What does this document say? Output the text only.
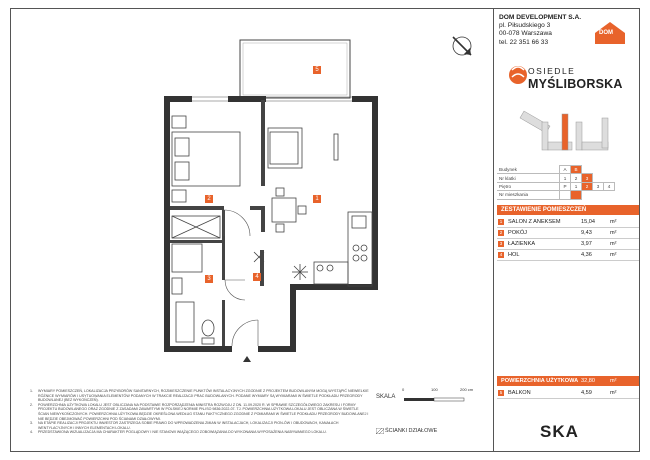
5
1
2
3	4
DOM DEVELOPMENT S.A.
pl. Piłsudskiego 3
00-078 Warszawa
tel. 22 351 66 33
DOM
OSIEDLE
MYŚLIBORSKA
Budynek	A	B			
Nr klatki	1	2	3		
Piętro	P	1	2	3	4
Nr mieszkania					
ZESTAWIENIE POMIESZCZEŃ
1	SALON Z ANEKSEM	15,04	m²
2	POKÓJ	9,43	m²
3	ŁAZIENKA	3,97	m²
4	HOL	4,36	m²
POWIERZCHNIA UŻYTKOWA 32,80	m²
5	BALKON	4,59	m²
1.	WYMIARY POMIESZCZEŃ, LOKALIZACJA PRZYBORÓW SANITARNYCH, ROZMIESZCZENIE PUNKTÓW INSTALACYJNYCH ZGODNIE Z PROJEKTEM BUDOWLANYM MOGĄ WYSTĄPIĆ NIEWIELKIE RÓŻNICE WYMIARÓW I USYTUOWANIA ELEMENTÓW PODANYCH W TRAKCIE REALIZACJI PRAC BUDOWLANYCH. PODANE WYMIARY SĄ WYMIARAMI W ŚWIETLE PODKŁADU PRZEGRODY BUDOWLANEJ (BEZ WYKOŃCZEŃ).
2.	POWIERZCHNIA UŻYTKOWA LOKALU JEST OBLICZANA NA PODSTAWIE ROZPORZĄDZENIA MINISTRA ROZWOJU Z DN. 11.09.2020 R. W SPRAWIE SZCZEGÓŁOWEGO ZAKRESU I FORMY PROJEKTU BUDOWLANEGO ORAZ ZGODNIE Z ZASADAMI ZAWARTYMI W POLSKIEJ NORMIE PN-ISO 9836:2022-07. TJ. POWIERZCHNIA UŻYTKOWA LOKALU JEST OBLICZANA W ŚWIETLE ŚCIAN NIEWYKOŃCZONYCH. POWIERZCHNIA UŻYTKOWA BĘDZIE OKREŚLONA WEDŁUG STANU FAKTYCZNEGO ZGODNIE Z POMIARAMI W ŚWIETLE PODKŁADU PRZEGRODY BUDOWLANEJ I NIE BĘDZIE OBEJMOWAĆ POWIERZCHNI POD ŚCIANAMI DZIAŁOWYMI.
3.	NA ETAPIE REALIZACJI PROJEKTU INWESTOR ZASTRZEGA SOBIE PRAWO DO WPROWADZENIA ZMIAN W INSTALACJACH, LOKALIZACJI PION-ÓW I OBUDOWACH, KANAŁACH WENTYLACYJNYCH I INNYCH ELEMENTACH LOKALU.
4.	PRZEDSTAWIONA WIZUALIZACJA MA CHARAKTER POGLĄDOWY I NIE STANOWI WIĄŻĄCEGO ZOBOWIĄZANIA DO WYKONANIA WYPOSAŻENIA NABYWANEGO LOKALU.
SKALA
0	100	200 cm
ŚCIANKI DZIAŁOWE	SKA
